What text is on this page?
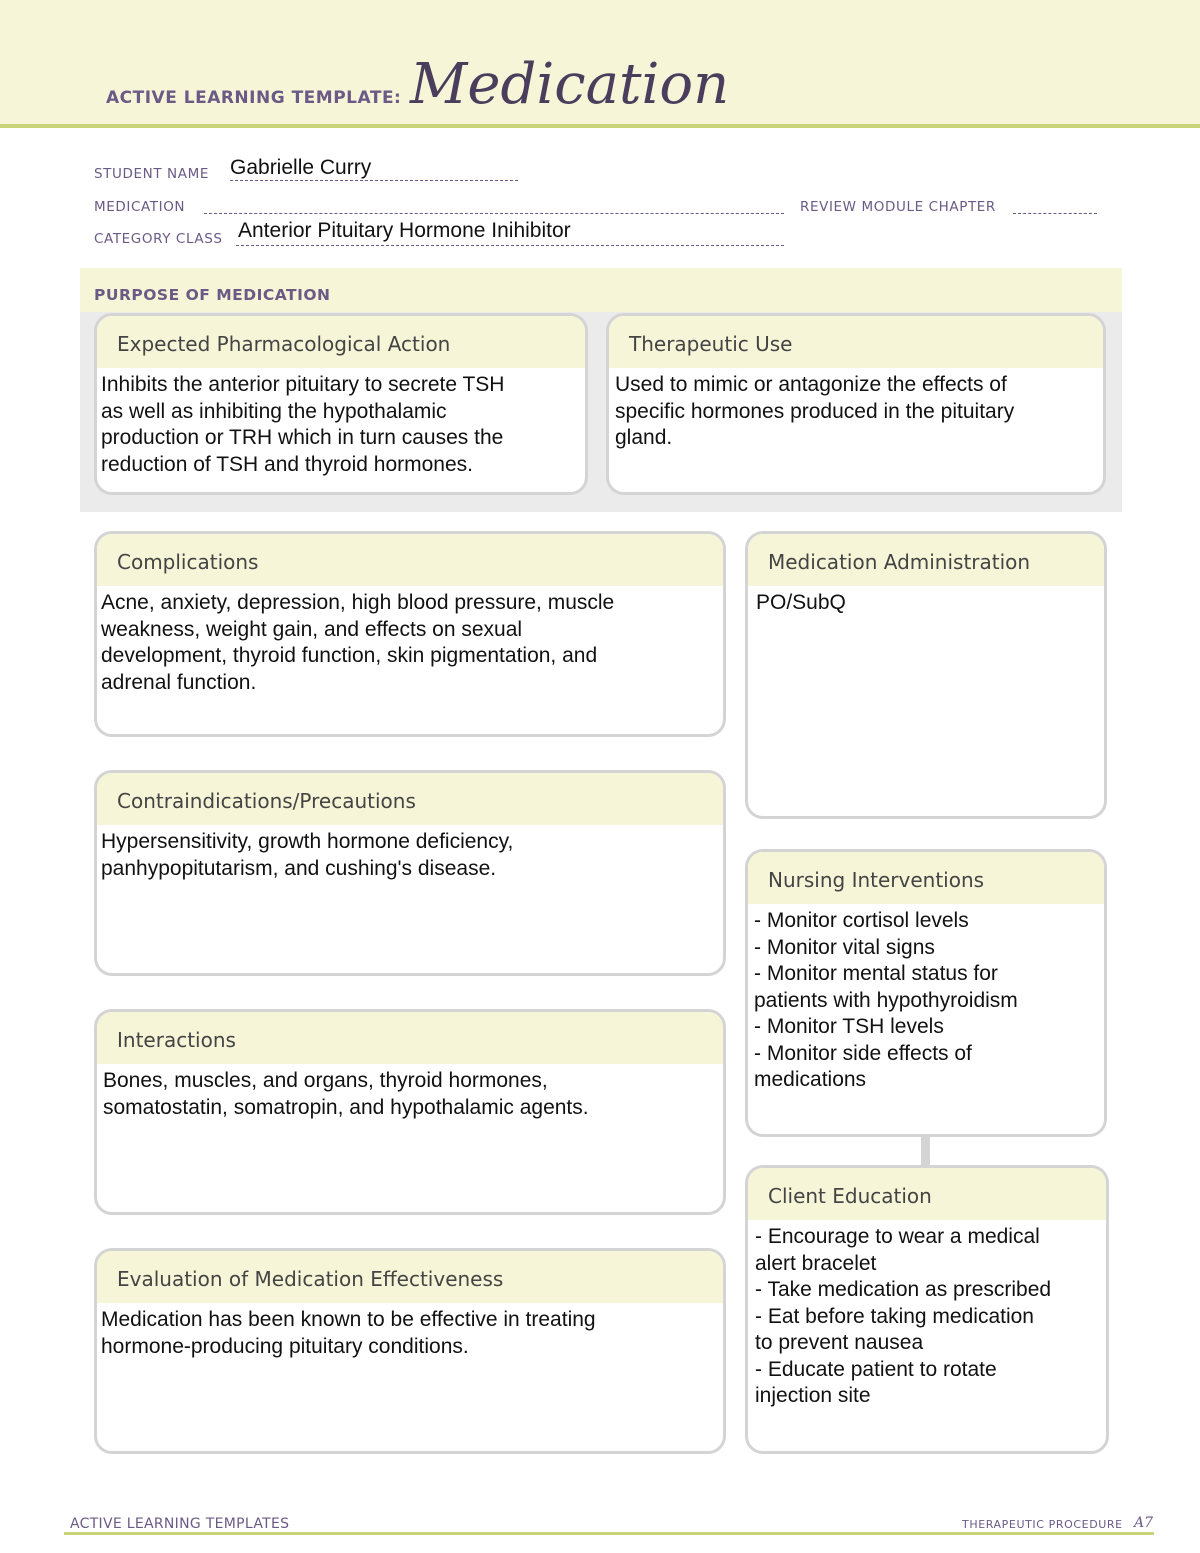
ACTIVE LEARNING TEMPLATE: Medication
STUDENT NAME Gabrielle Curry
MEDICATION	REVIEW MODULE CHAPTER
CATEGORY CLASS Anterior Pituitary Hormone Inihibitor
PURPOSE OF MEDICATION
Expected Pharmacological Action
Inhibits the anterior pituitary to secrete TSH
as well as inhibiting the hypothalamic
production or TRH which in turn causes the
reduction of TSH and thyroid hormones.
Therapeutic Use
Used to mimic or antagonize the effects of
specific hormones produced in the pituitary
gland.
Complications
Acne, anxiety, depression, high blood pressure, muscle
weakness, weight gain, and effects on sexual
development, thyroid function, skin pigmentation, and
adrenal function.
Contraindications/Precautions
Hypersensitivity, growth hormone deficiency,
panhypopitutarism, and cushing's disease.
Interactions
Bones, muscles, and organs, thyroid hormones,
somatostatin, somatropin, and hypothalamic agents.
Evaluation of Medication Effectiveness
Medication has been known to be effective in treating
hormone-producing pituitary conditions.
Medication Administration
PO/SubQ
Nursing Interventions
- Monitor cortisol levels
- Monitor vital signs
- Monitor mental status for
patients with hypothyroidism
- Monitor TSH levels
- Monitor side effects of
medications
Client Education
- Encourage to wear a medical
alert bracelet
- Take medication as prescribed
- Eat before taking medication
to prevent nausea
- Educate patient to rotate
injection site
ACTIVE LEARNING TEMPLATES	THERAPEUTIC PROCEDURE A7
